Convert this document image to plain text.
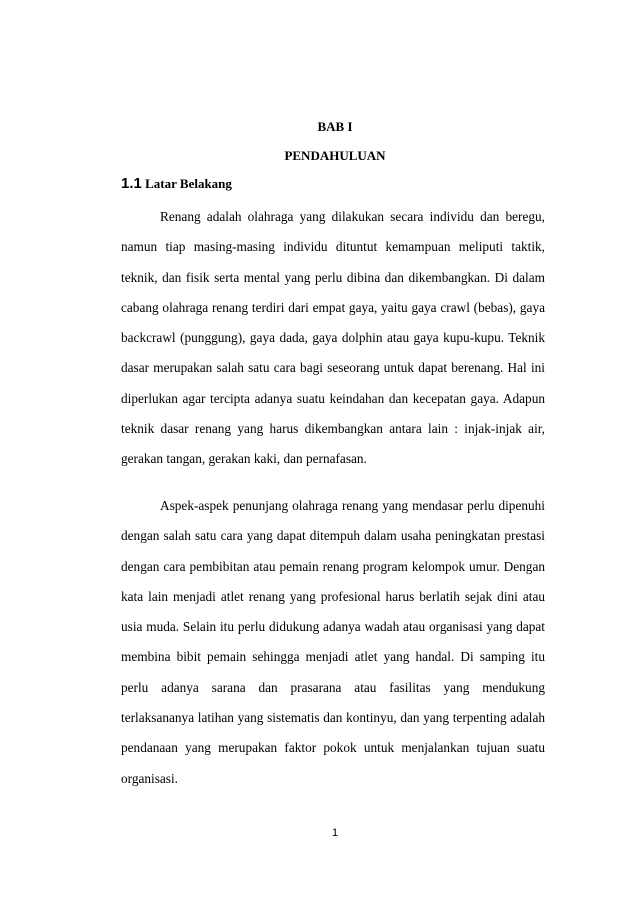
BAB I
PENDAHULUAN
1.1 Latar Belakang

Renang adalah olahraga yang dilakukan secara individu dan beregu, namun tiap masing-masing individu dituntut kemampuan meliputi taktik, teknik, dan fisik serta mental yang perlu dibina dan dikembangkan. Di dalam cabang olahraga renang terdiri dari empat gaya, yaitu gaya crawl (bebas), gaya backcrawl (punggung), gaya dada, gaya dolphin atau gaya kupu-kupu. Teknik dasar merupakan salah satu cara bagi seseorang untuk dapat berenang. Hal ini diperlukan agar tercipta adanya suatu keindahan dan kecepatan gaya. Adapun teknik dasar renang yang harus dikembangkan antara lain : injak-injak air, gerakan tangan, gerakan kaki, dan pernafasan.

Aspek-aspek penunjang olahraga renang yang mendasar perlu dipenuhi dengan salah satu cara yang dapat ditempuh dalam usaha peningkatan prestasi dengan cara pembibitan atau pemain renang program kelompok umur. Dengan kata lain menjadi atlet renang yang profesional harus berlatih sejak dini atau usia muda. Selain itu perlu didukung adanya wadah atau organisasi yang dapat membina bibit pemain sehingga menjadi atlet yang handal. Di samping itu perlu adanya sarana dan prasarana atau fasilitas yang mendukung terlaksananya latihan yang sistematis dan kontinyu, dan yang terpenting adalah pendanaan yang merupakan faktor pokok untuk menjalankan tujuan suatu organisasi.

1
